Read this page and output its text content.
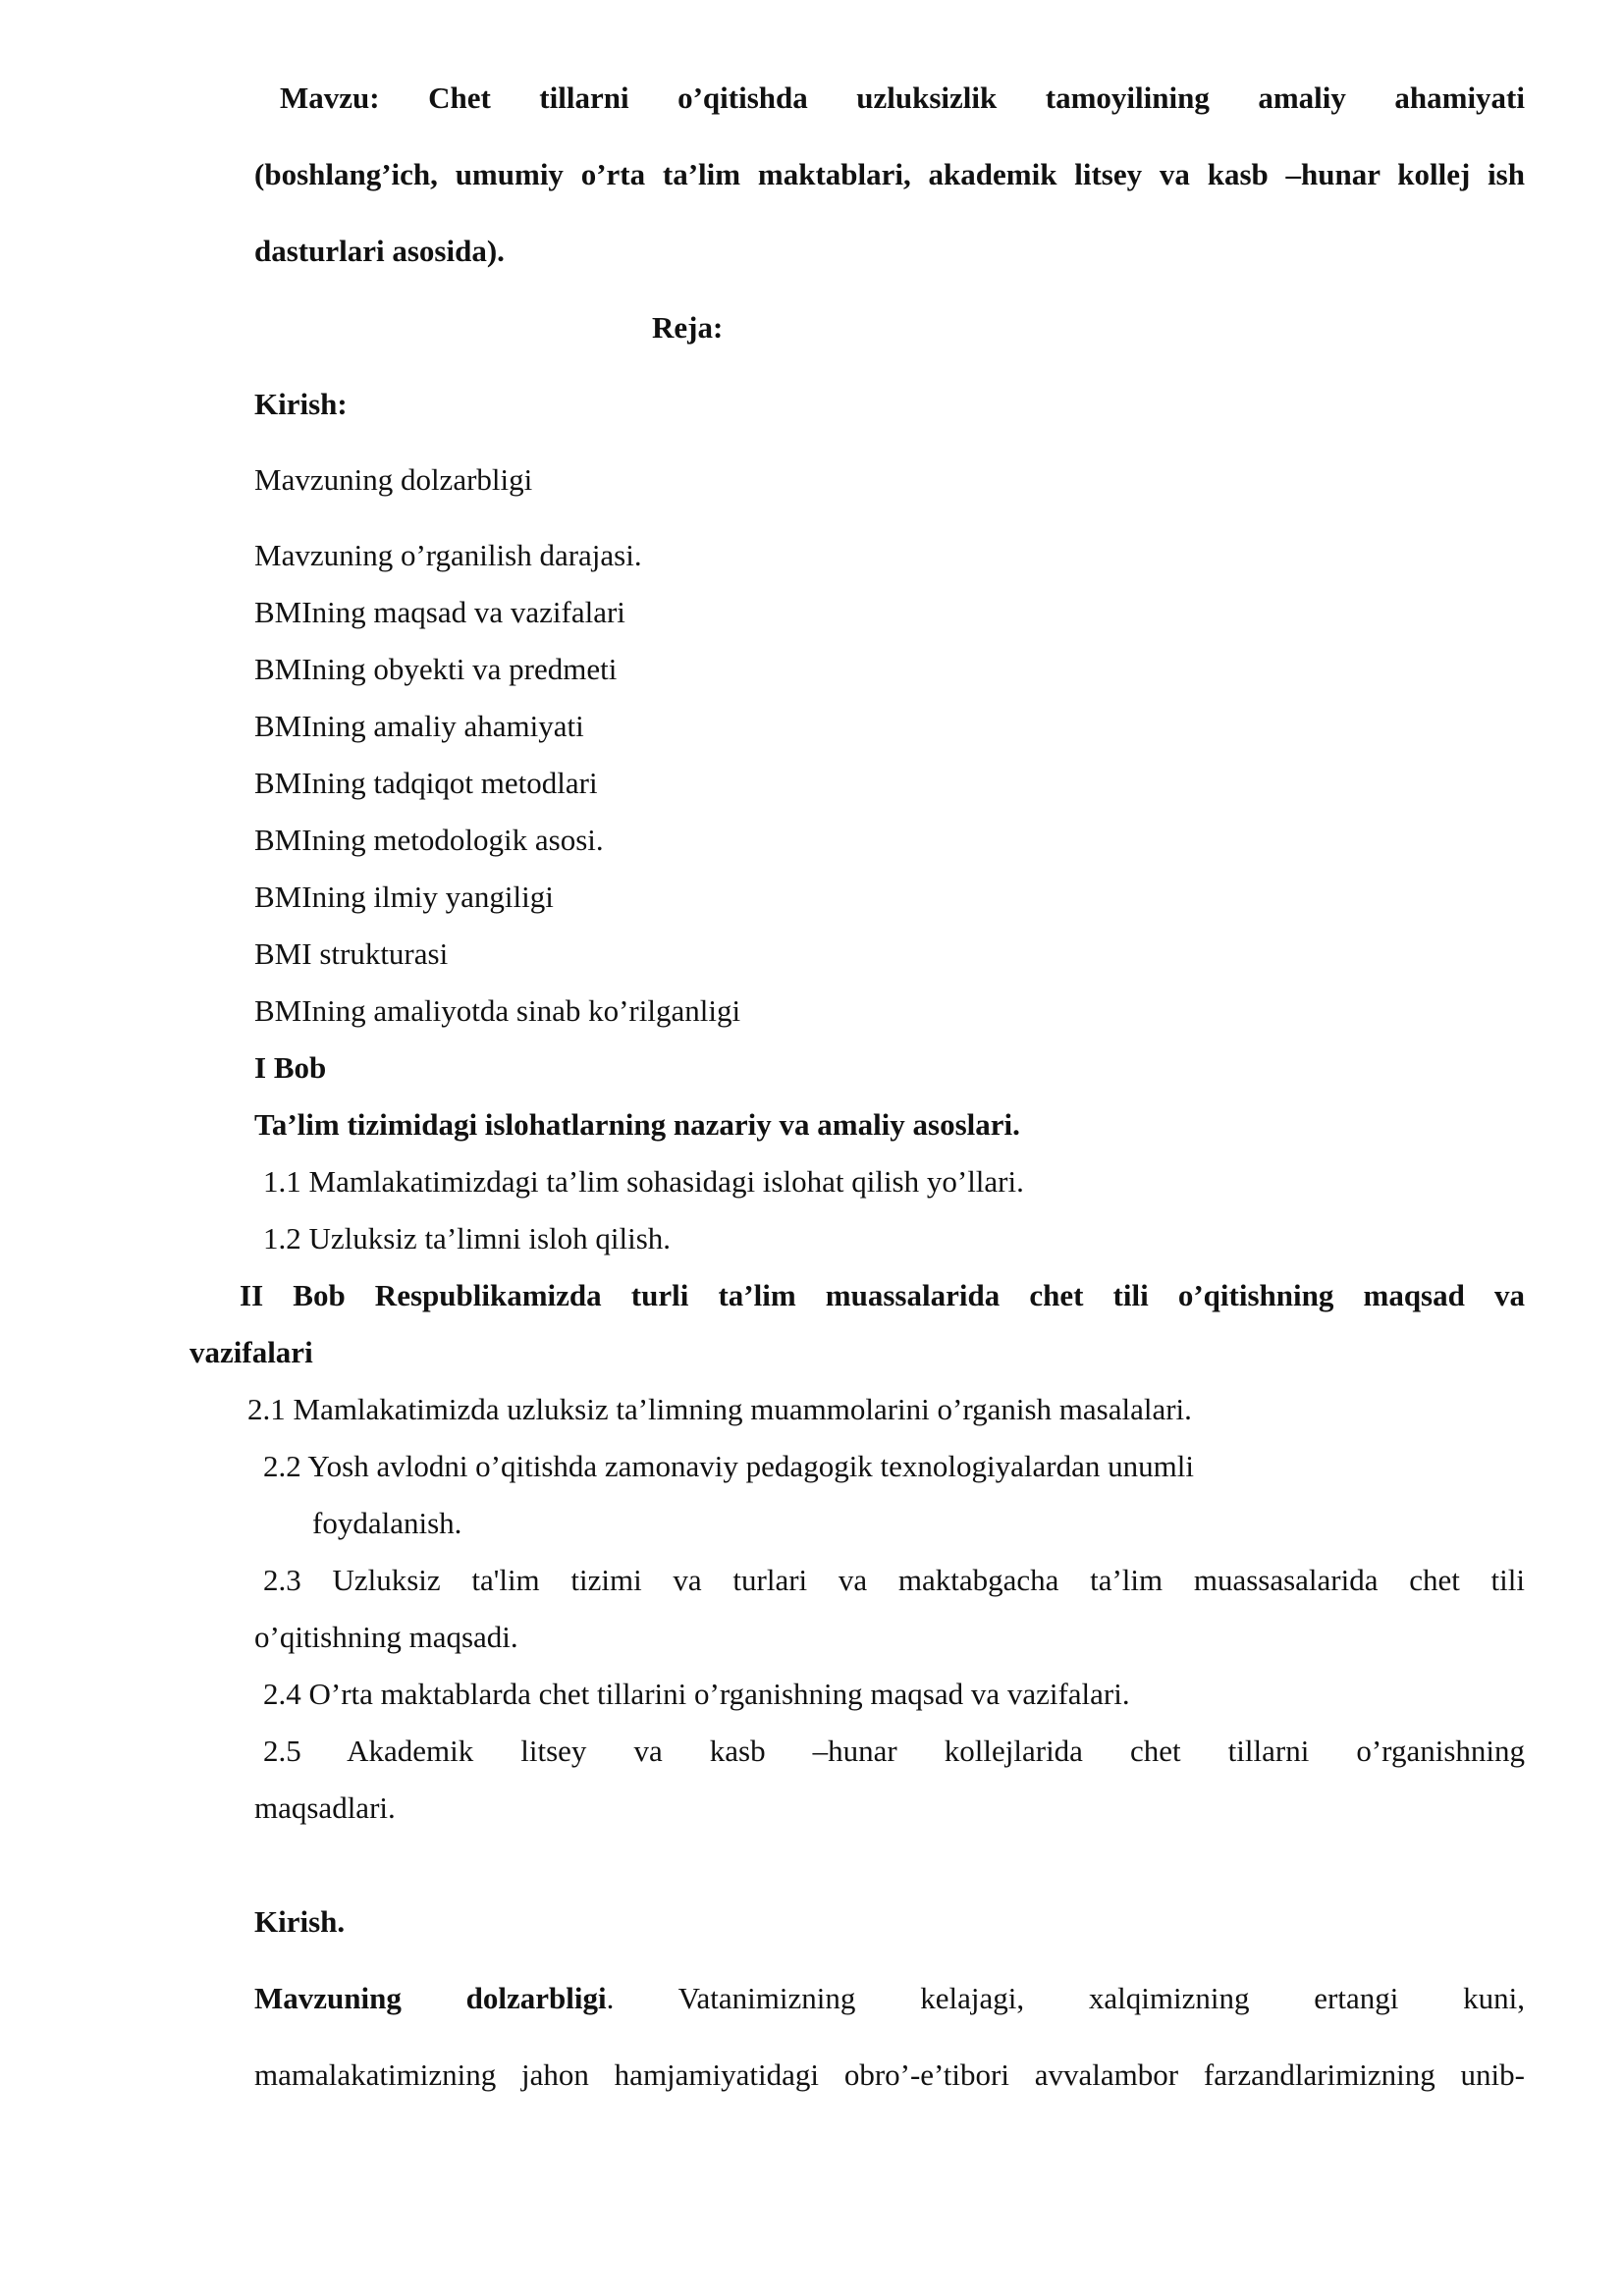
Mavzu: Chet tillarni o’qitishda uzluksizlik tamoyilining amaliy ahamiyati
(boshlang’ich, umumiy o’rta ta’lim maktablari, akademik litsey va kasb –hunar kollej ish
dasturlari asosida).
Reja:
Kirish:
Mavzuning dolzarbligi
Mavzuning o’rganilish darajasi.
BMIning maqsad va vazifalari
BMIning obyekti va predmeti
BMIning amaliy ahamiyati
BMIning tadqiqot metodlari
BMIning metodologik asosi.
BMIning ilmiy yangiligi
BMI strukturasi
BMIning amaliyotda sinab ko’rilganligi
I Bob
Ta’lim tizimidagi islohatlarning nazariy va amaliy asoslari.
1.1 Mamlakatimizdagi ta’lim sohasidagi islohat qilish yo’llari.
1.2 Uzluksiz ta’limni isloh qilish.
II Bob Respublikamizda turli ta’lim muassalarida chet tili o’qitishning maqsad va
vazifalari
2.1 Mamlakatimizda uzluksiz ta’limning muammolarini o’rganish masalalari.
2.2 Yosh avlodni o’qitishda zamonaviy pedagogik texnologiyalardan unumli
foydalanish.
2.3 Uzluksiz ta'lim tizimi va turlari va maktabgacha ta’lim muassasalarida chet tili
o’qitishning maqsadi.
2.4 O’rta maktablarda chet tillarini o’rganishning maqsad va vazifalari.
2.5 Akademik litsey va kasb –hunar kollejlarida chet tillarni o’rganishning
maqsadlari.
Kirish.
Mavzuning dolzarbligi. Vatanimizning kelajagi, xalqimizning ertangi kuni,
mamalakatimizning jahon hamjamiyatidagi obro’-e’tibori avvalambor farzandlarimizning unib-
